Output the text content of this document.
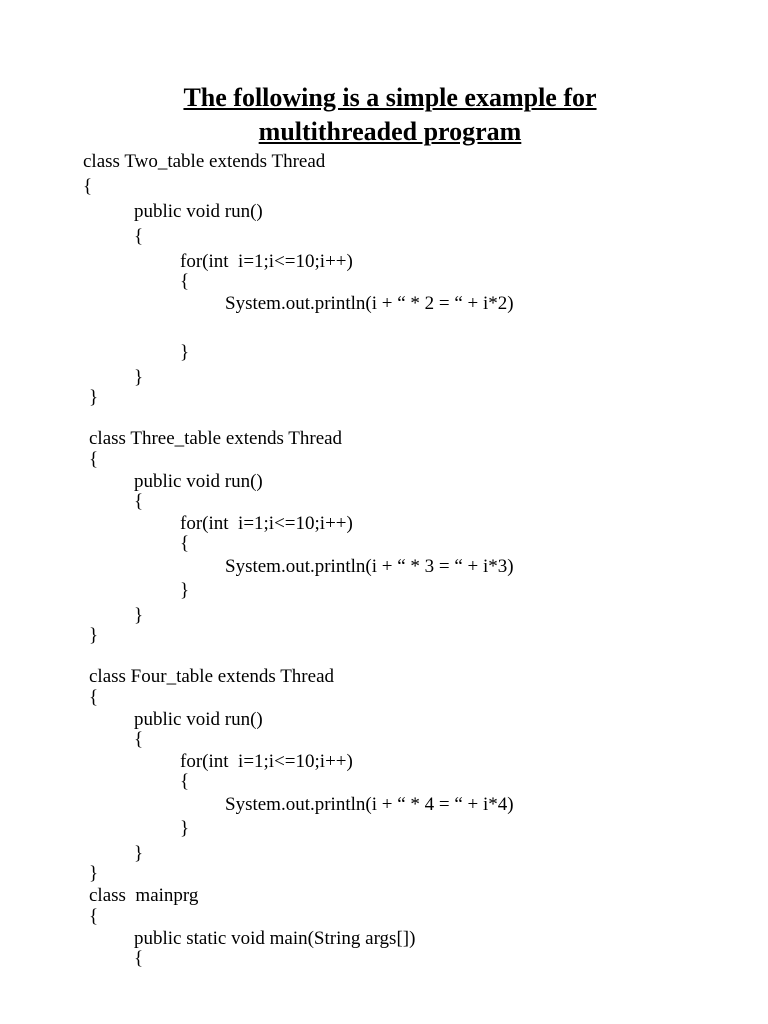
The following is a simple example for
multithreaded program
class Two_table extends Thread
{
public void run()
{
for(int  i=1;i<=10;i++)
{
System.out.println(i + “ * 2 = “ + i*2)
}
}
}
class Three_table extends Thread
{
public void run()
{
for(int  i=1;i<=10;i++)
{
System.out.println(i + “ * 3 = “ + i*3)
}
}
}
class Four_table extends Thread
{
public void run()
{
for(int  i=1;i<=10;i++)
{
System.out.println(i + “ * 4 = “ + i*4)
}
}
}
class  mainprg
{
public static void main(String args[])
{
